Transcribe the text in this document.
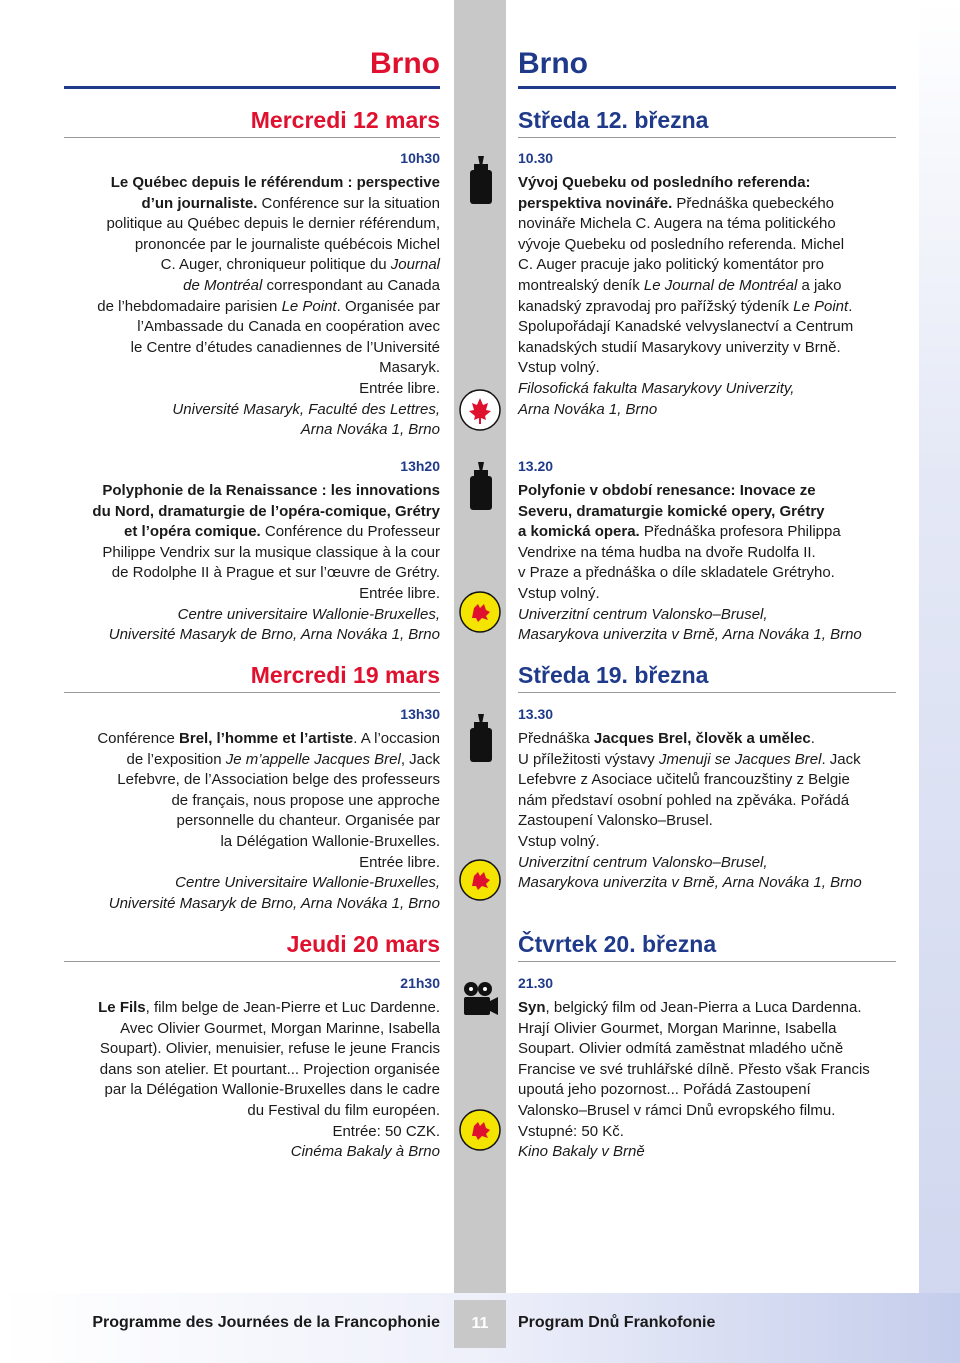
Brno	Brno
Mercredi 12 mars	Středa 12. března
10h30
Le Québec depuis le référendum : perspective
d’un journaliste. Conférence sur la situation
politique au Québec depuis le dernier référendum,
prononcée par le journaliste québécois Michel
C. Auger, chroniqueur politique du Journal
de Montréal correspondant au Canada
de l’hebdomadaire parisien Le Point. Organisée par
l’Ambassade du Canada en coopération avec
le Centre d’études canadiennes de l’Université
Masaryk.
Entrée libre.
Université Masaryk, Faculté des Lettres,
Arna Nováka 1, Brno
10.30
Vývoj Quebeku od posledního referenda:
perspektiva novináře. Přednáška quebeckého
novináře Michela C. Augera na téma politického
vývoje Quebeku od posledního referenda. Michel
C. Auger pracuje jako politický komentátor pro
montrealský deník Le Journal de Montréal a jako
kanadský zpravodaj pro pařížský týdeník Le Point.
Spolupořádají Kanadské velvyslanectví a Centrum
kanadských studií Masarykovy univerzity v Brně.
Vstup volný.
Filosofická fakulta Masarykovy Univerzity,
Arna Nováka 1, Brno
13h20
Polyphonie de la Renaissance : les innovations
du Nord, dramaturgie de l’opéra-comique, Grétry
et l’opéra comique. Conférence du Professeur
Philippe Vendrix sur la musique classique à la cour
de Rodolphe II à Prague et sur l’œuvre de Grétry.
Entrée libre.
Centre universitaire Wallonie-Bruxelles,
Université Masaryk de Brno, Arna Nováka 1, Brno
13.20
Polyfonie v období renesance: Inovace ze
Severu, dramaturgie komické opery, Grétry
a komická opera. Přednáška profesora Philippa
Vendrixe na téma hudba na dvoře Rudolfa II.
v Praze a přednáška o díle skladatele Grétryho.
Vstup volný.
Univerzitní centrum Valonsko–Brusel,
Masarykova univerzita v Brně, Arna Nováka 1, Brno
Mercredi 19 mars	Středa 19. března
13h30
Conférence Brel, l’homme et l’artiste. A l’occasion
de l’exposition Je m’appelle Jacques Brel, Jack
Lefebvre, de l’Association belge des professeurs
de français, nous propose une approche
personnelle du chanteur. Organisée par
la Délégation Wallonie-Bruxelles.
Entrée libre.
Centre Universitaire Wallonie-Bruxelles,
Université Masaryk de Brno, Arna Nováka 1, Brno
13.30
Přednáška Jacques Brel, člověk a umělec.
U příležitosti výstavy Jmenuji se Jacques Brel. Jack
Lefebvre z Asociace učitelů francouzštiny z Belgie
nám představí osobní pohled na zpěváka. Pořádá
Zastoupení Valonsko–Brusel.
Vstup volný.
Univerzitní centrum Valonsko–Brusel,
Masarykova univerzita v Brně, Arna Nováka 1, Brno
Jeudi 20 mars	Čtvrtek 20. března
21h30
Le Fils, film belge de Jean-Pierre et Luc Dardenne.
Avec Olivier Gourmet, Morgan Marinne, Isabella
Soupart). Olivier, menuisier, refuse le jeune Francis
dans son atelier. Et pourtant... Projection organisée
par la Délégation Wallonie-Bruxelles dans le cadre
du Festival du film européen.
Entrée: 50 CZK.
Cinéma Bakaly à Brno
21.30
Syn, belgický film od Jean-Pierra a Luca Dardenna.
Hrají Olivier Gourmet, Morgan Marinne, Isabella
Soupart. Olivier odmítá zaměstnat mladého učně
Francise ve své truhlářské dílně. Přesto však Francis
upoutá jeho pozornost... Pořádá Zastoupení
Valonsko–Brusel v rámci Dnů evropského filmu.
Vstupné: 50 Kč.
Kino Bakaly v Brně
Programme des Journées de la Francophonie	11	Program Dnů Frankofonie
